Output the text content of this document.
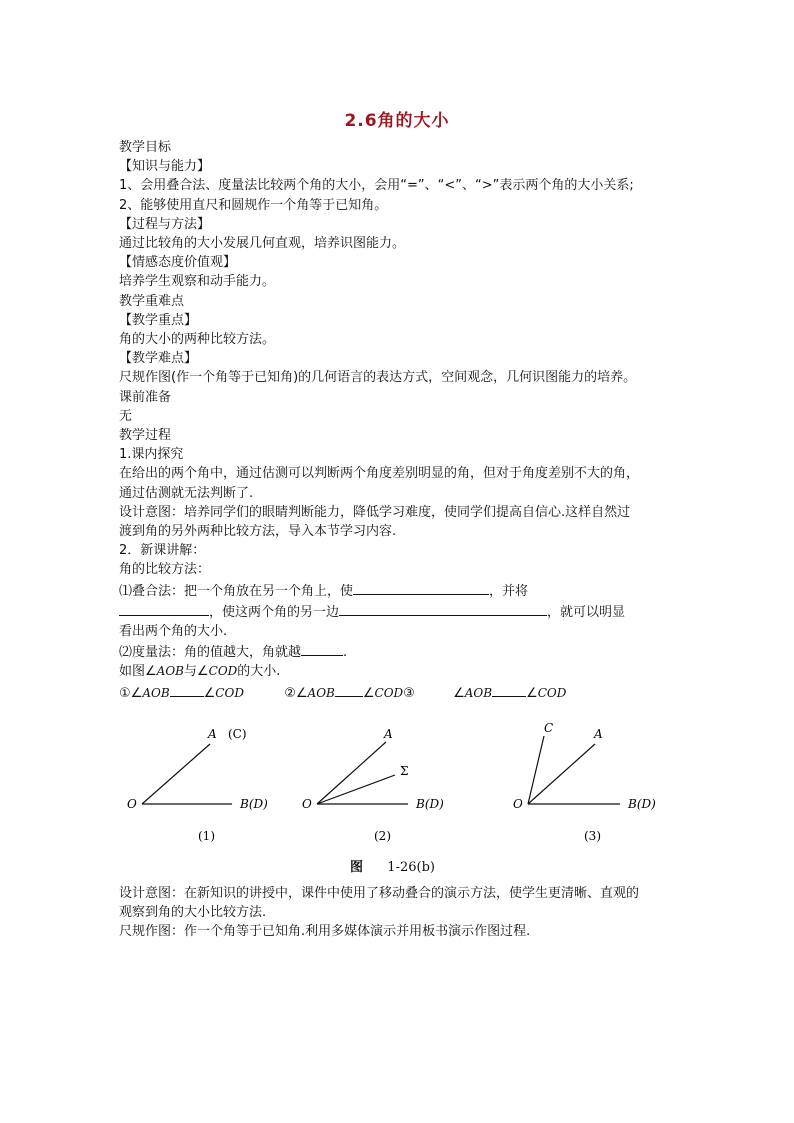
2.6角的大小
教学目标
【知识与能力】
1、会用叠合法、度量法比较两个角的大小，会用“=”、“<”、“>”表示两个角的大小关系;
2、能够使用直尺和圆规作一个角等于已知角。
【过程与方法】
通过比较角的大小发展几何直观，培养识图能力。
【情感态度价值观】
培养学生观察和动手能力。
教学重难点
【教学重点】
角的大小的两种比较方法。
【教学难点】
尺规作图(作一个角等于已知角)的几何语言的表达方式，空间观念，几何识图能力的培养。
课前准备
无
教学过程
1.课内探究
在给出的两个角中，通过估测可以判断两个角度差别明显的角，但对于角度差别不大的角，
通过估测就无法判断了.
设计意图：培养同学们的眼睛判断能力，降低学习难度，使同学们提高自信心.这样自然过
渡到角的另外两种比较方法，导入本节学习内容.
2．新课讲解：
角的比较方法：
⑴叠合法：把一个角放在另一个角上，使	，并将
，使这两个角的另一边	，就可以明显
看出两个角的大小.
⑵度量法：角的值越大，角就越	.
如图∠AOB与∠COD的大小.
①∠AOB	∠COD	②∠AOB ∠COD③	∠AOB	∠COD
O
A (C)
B(D)
(1)
O
A
Σ
B(D)
(2)
O
A
C
B(D)
(3)
图 1-26(b)
设计意图：在新知识的讲授中，课件中使用了移动叠合的演示方法，使学生更清晰、直观的
观察到角的大小比较方法.
尺规作图：作一个角等于已知角.利用多媒体演示并用板书演示作图过程.
